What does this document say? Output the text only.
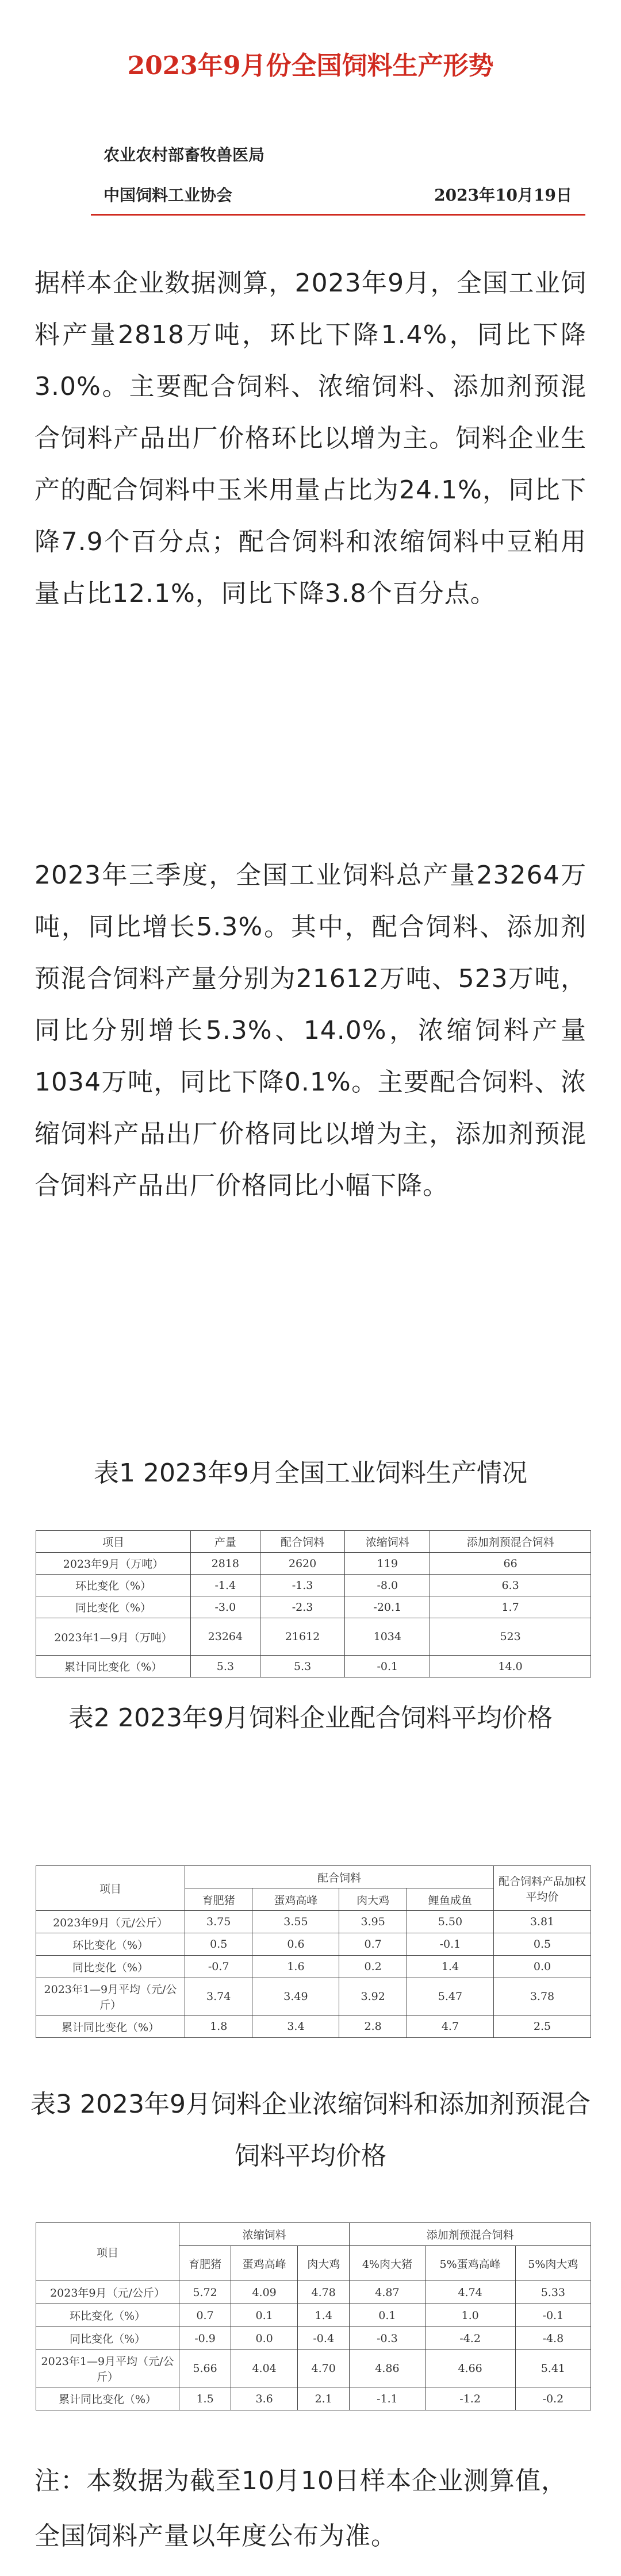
2023年9月份全国饲料生产形势
农业农村部畜牧兽医局
中国饲料工业协会	2023年10月19日
据样本企业数据测算，2023年9月，全国工业饲料产量2818万吨，环比下降1.4%，同比下降3.0%。主要配合饲料、浓缩饲料、添加剂预混合饲料产品出厂价格环比以增为主。饲料企业生产的配合饲料中玉米用量占比为24.1%，同比下降7.9个百分点；配合饲料和浓缩饲料中豆粕用量占比12.1%，同比下降3.8个百分点。
2023年三季度，全国工业饲料总产量23264万吨，同比增长5.3%。其中，配合饲料、添加剂预混合饲料产量分别为21612万吨、523万吨，同比分别增长5.3%、14.0%，浓缩饲料产量1034万吨，同比下降0.1%。主要配合饲料、浓缩饲料产品出厂价格同比以增为主，添加剂预混合饲料产品出厂价格同比小幅下降。
表1 2023年9月全国工业饲料生产情况
项目	产量	配合饲料	浓缩饲料	添加剂预混合饲料
2023年9月（万吨）	2818	2620	119	66
环比变化（%）	-1.4	-1.3	-8.0	6.3
同比变化（%）	-3.0	-2.3	-20.1	1.7
2023年1—9月（万吨）	23264	21612	1034	523
累计同比变化（%）	5.3	5.3	-0.1	14.0
表2 2023年9月饲料企业配合饲料平均价格
项目	配合饲料				配合饲料产品加权平均价
	育肥猪	蛋鸡高峰	肉大鸡	鲤鱼成鱼	
2023年9月（元/公斤）	3.75	3.55	3.95	5.50	3.81
环比变化（%）	0.5	0.6	0.7	-0.1	0.5
同比变化（%）	-0.7	1.6	0.2	1.4	0.0
2023年1—9月平均（元/公斤）	3.74	3.49	3.92	5.47	3.78
累计同比变化（%）	1.8	3.4	2.8	4.7	2.5
表3 2023年9月饲料企业浓缩饲料和添加剂预混合饲料平均价格
项目	浓缩饲料			添加剂预混合饲料		
	育肥猪	蛋鸡高峰	肉大鸡	4%肉大猪	5%蛋鸡高峰	5%肉大鸡
2023年9月（元/公斤）	5.72	4.09	4.78	4.87	4.74	5.33
环比变化（%）	0.7	0.1	1.4	0.1	1.0	-0.1
同比变化（%）	-0.9	0.0	-0.4	-0.3	-4.2	-4.8
2023年1—9月平均（元/公斤）	5.66	4.04	4.70	4.86	4.66	5.41
累计同比变化（%）	1.5	3.6	2.1	-1.1	-1.2	-0.2
注：本数据为截至10月10日样本企业测算值，全国饲料产量以年度公布为准。
